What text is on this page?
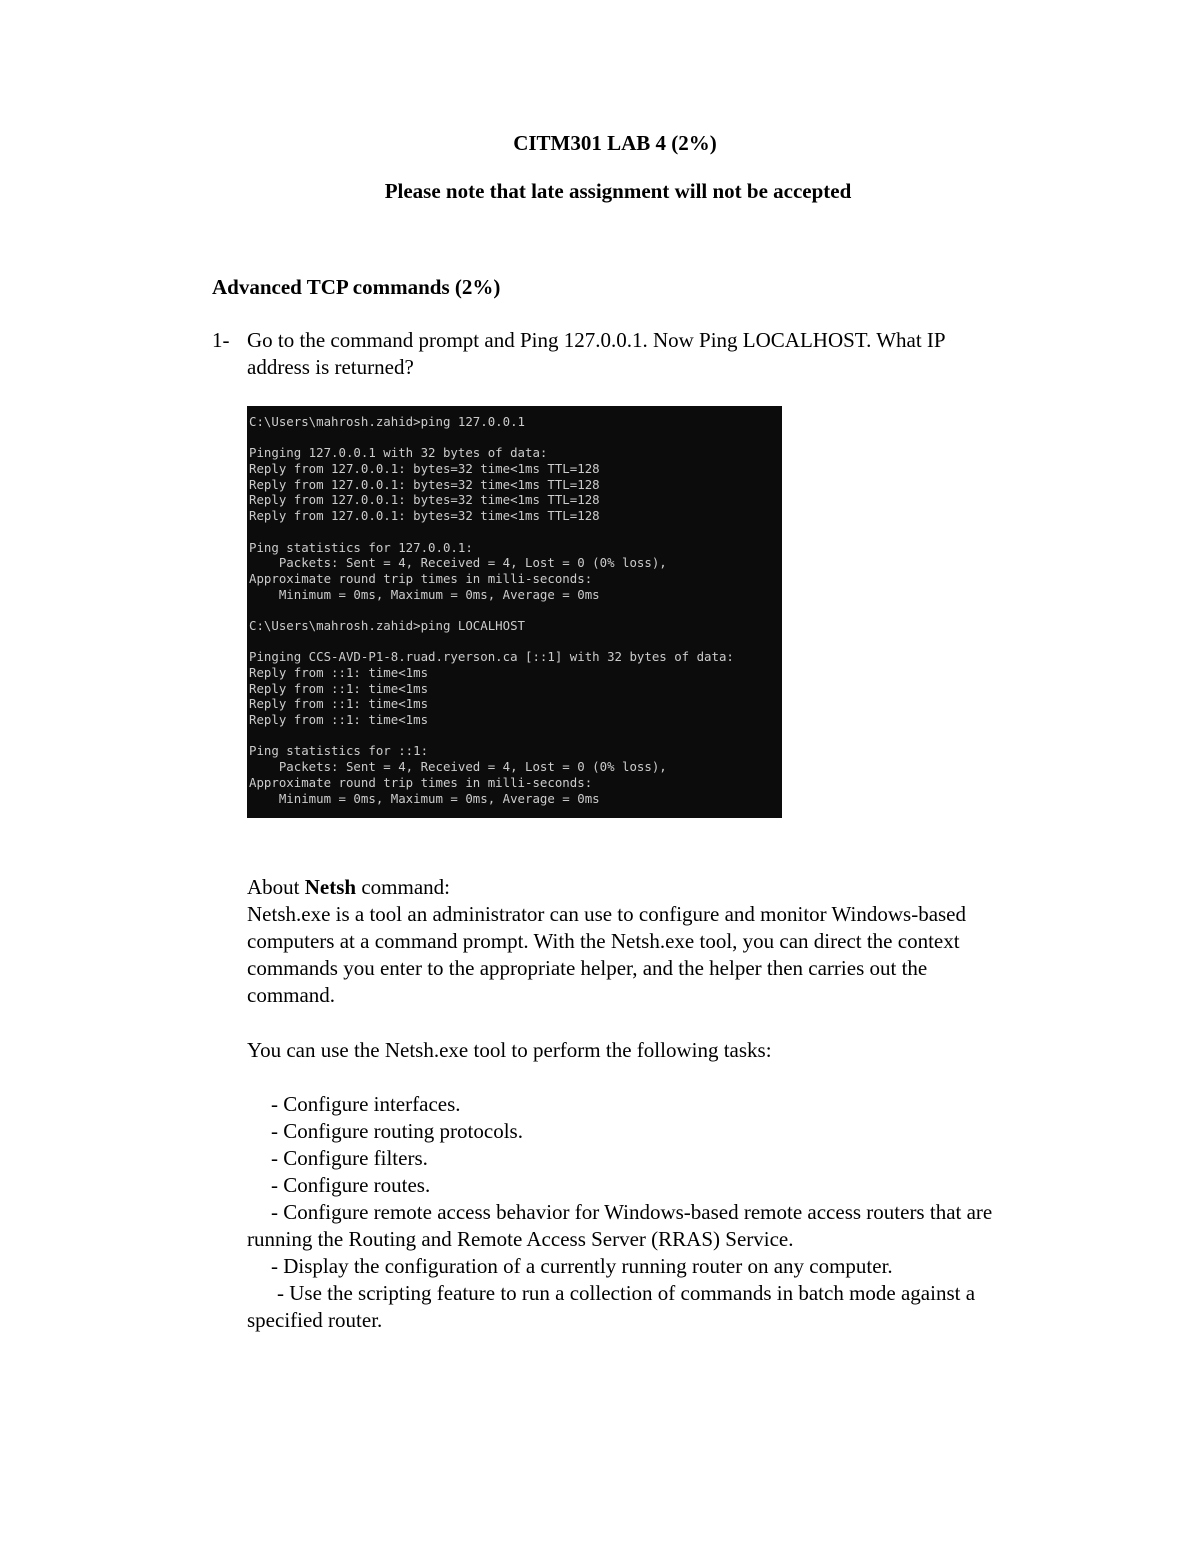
CITM301 LAB 4 (2%)
Please note that late assignment will not be accepted
Advanced TCP commands (2%)
1- Go to the command prompt and Ping 127.0.0.1. Now Ping LOCALHOST. What IP address is returned?
C:\Users\mahrosh.zahid>ping 127.0.0.1
Pinging 127.0.0.1 with 32 bytes of data:
Reply from 127.0.0.1: bytes=32 time<1ms TTL=128
Reply from 127.0.0.1: bytes=32 time<1ms TTL=128
Reply from 127.0.0.1: bytes=32 time<1ms TTL=128
Reply from 127.0.0.1: bytes=32 time<1ms TTL=128
Ping statistics for 127.0.0.1:
Packets: Sent = 4, Received = 4, Lost = 0 (0% loss),
Approximate round trip times in milli-seconds:
Minimum = 0ms, Maximum = 0ms, Average = 0ms
C:\Users\mahrosh.zahid>ping LOCALHOST
Pinging CCS-AVD-P1-8.ruad.ryerson.ca [::1] with 32 bytes of data:
Reply from ::1: time<1ms
Reply from ::1: time<1ms
Reply from ::1: time<1ms
Reply from ::1: time<1ms
Ping statistics for ::1:
Packets: Sent = 4, Received = 4, Lost = 0 (0% loss),
Approximate round trip times in milli-seconds:
Minimum = 0ms, Maximum = 0ms, Average = 0ms
About Netsh command:
Netsh.exe is a tool an administrator can use to configure and monitor Windows-based computers at a command prompt. With the Netsh.exe tool, you can direct the context commands you enter to the appropriate helper, and the helper then carries out the command.
You can use the Netsh.exe tool to perform the following tasks:
- Configure interfaces.
- Configure routing protocols.
- Configure filters.
- Configure routes.
- Configure remote access behavior for Windows-based remote access routers that are running the Routing and Remote Access Server (RRAS) Service.
- Display the configuration of a currently running router on any computer.
- Use the scripting feature to run a collection of commands in batch mode against a specified router.
